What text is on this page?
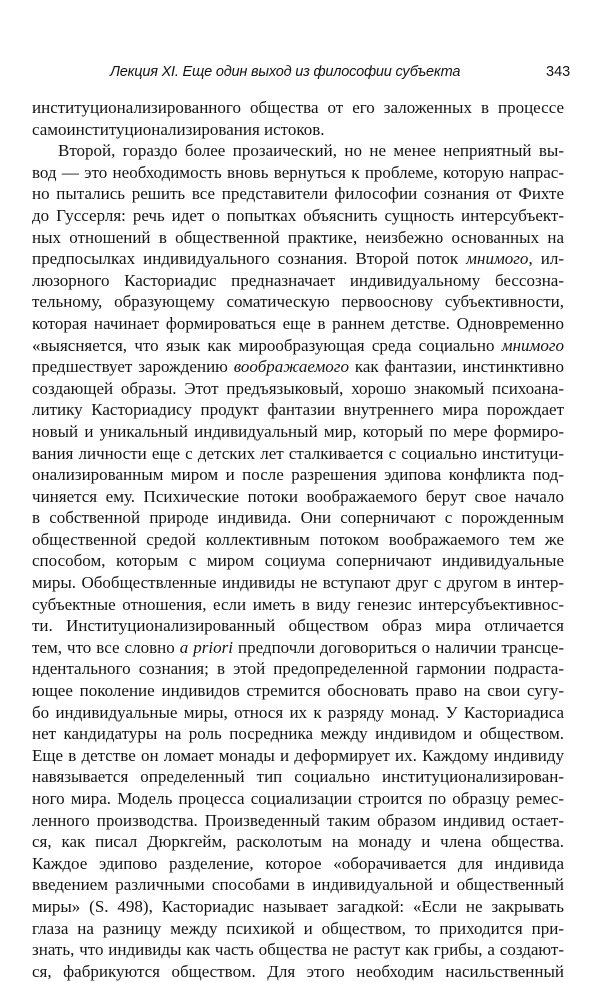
Лекция XI. Еще один выход из философии субъекта	343
институционализированного общества от его заложенных в процессе
самоинституционализирования истоков.
Второй, гораздо более прозаический, но не менее неприятный вы-
вод — это необходимость вновь вернуться к проблеме, которую напрас-
но пытались решить все представители философии сознания от Фихте
до Гуссерля: речь идет о попытках объяснить сущность интерсубъект-
ных отношений в общественной практике, неизбежно основанных на
предпосылках индивидуального сознания. Второй поток мнимого, ил-
люзорного Касториадис предназначает индивидуальному бессозна-
тельному, образующему соматическую первооснову субъективности,
которая начинает формироваться еще в раннем детстве. Одновременно
«выясняется, что язык как мирообразующая среда социально мнимого
предшествует зарождению воображаемого как фантазии, инстинктивно
создающей образы. Этот предъязыковый, хорошо знакомый психоана-
литику Касториадису продукт фантазии внутреннего мира порождает
новый и уникальный индивидуальный мир, который по мере формиро-
вания личности еще с детских лет сталкивается с социально институци-
онализированным миром и после разрешения эдипова конфликта под-
чиняется ему. Психические потоки воображаемого берут свое начало
в собственной природе индивида. Они соперничают с порожденным
общественной средой коллективным потоком воображаемого тем же
способом, которым с миром социума соперничают индивидуальные
миры. Обобществленные индивиды не вступают друг с другом в интер-
субъектные отношения, если иметь в виду генезис интерсубъективнос-
ти. Институционализированный обществом образ мира отличается
тем, что все словно a priori предпочли договориться о наличии трансце-
ндентального сознания; в этой предопределенной гармонии подраста-
ющее поколение индивидов стремится обосновать право на свои сугу-
бо индивидуальные миры, относя их к разряду монад. У Касториадиса
нет кандидатуры на роль посредника между индивидом и обществом.
Еще в детстве он ломает монады и деформирует их. Каждому индивиду
навязывается определенный тип социально институционализирован-
ного мира. Модель процесса социализации строится по образцу ремес-
ленного производства. Произведенный таким образом индивид остает-
ся, как писал Дюркгейм, расколотым на монаду и члена общества.
Каждое эдипово разделение, которое «оборачивается для индивида
введением различными способами в индивидуальной и общественный
миры» (S. 498), Касториадис называет загадкой: «Если не закрывать
глаза на разницу между психикой и обществом, то приходится при-
знать, что индивиды как часть общества не растут как грибы, а создают-
ся, фабрикуются обществом. Для этого необходим насильственный
